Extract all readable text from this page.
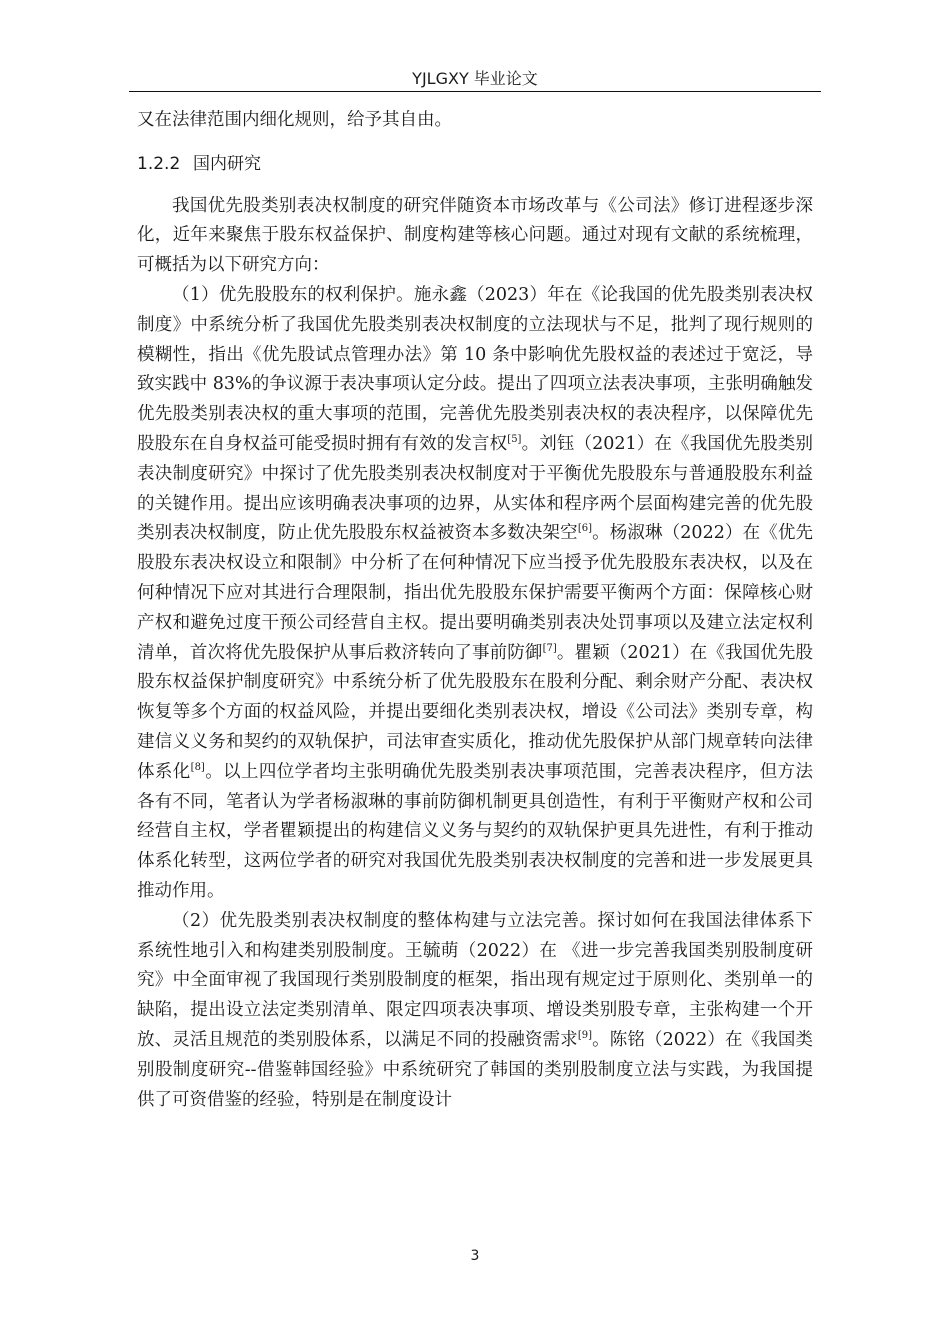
YJLGXY 毕业论文

又在法律范围内细化规则，给予其自由。

1.2.2 国内研究

我国优先股类别表决权制度的研究伴随资本市场改革与《公司法》修订进程逐步深化，近年来聚焦于股东权益保护、制度构建等核心问题。通过对现有文献的系统梳理，可概括为以下研究方向：

（1）优先股股东的权利保护。施永鑫（2023）年在《论我国的优先股类别表决权制度》中系统分析了我国优先股类别表决权制度的立法现状与不足，批判了现行规则的模糊性，指出《优先股试点管理办法》第 10 条中影响优先股权益的表述过于宽泛，导致实践中 83%的争议源于表决事项认定分歧。提出了四项立法表决事项，主张明确触发优先股类别表决权的重大事项的范围，完善优先股类别表决权的表决程序，以保障优先股股东在自身权益可能受损时拥有有效的发言权[5]。刘钰（2021）在《我国优先股类别表决制度研究》中探讨了优先股类别表决权制度对于平衡优先股股东与普通股股东利益的关键作用。提出应该明确表决事项的边界，从实体和程序两个层面构建完善的优先股类别表决权制度，防止优先股股东权益被资本多数决架空[6]。杨淑琳（2022）在《优先股股东表决权设立和限制》中分析了在何种情况下应当授予优先股股东表决权，以及在何种情况下应对其进行合理限制，指出优先股股东保护需要平衡两个方面：保障核心财产权和避免过度干预公司经营自主权。提出要明确类别表决处罚事项以及建立法定权利清单，首次将优先股保护从事后救济转向了事前防御[7]。瞿颖（2021）在《我国优先股股东权益保护制度研究》中系统分析了优先股股东在股利分配、剩余财产分配、表决权恢复等多个方面的权益风险，并提出要细化类别表决权，增设《公司法》类别专章，构建信义义务和契约的双轨保护，司法审查实质化，推动优先股保护从部门规章转向法律体系化[8]。以上四位学者均主张明确优先股类别表决事项范围，完善表决程序，但方法各有不同，笔者认为学者杨淑琳的事前防御机制更具创造性，有利于平衡财产权和公司经营自主权，学者瞿颖提出的构建信义义务与契约的双轨保护更具先进性，有利于推动体系化转型，这两位学者的研究对我国优先股类别表决权制度的完善和进一步发展更具推动作用。

（2）优先股类别表决权制度的整体构建与立法完善。探讨如何在我国法律体系下系统性地引入和构建类别股制度。王毓萌（2022）在 《进一步完善我国类别股制度研究》中全面审视了我国现行类别股制度的框架，指出现有规定过于原则化、类别单一的缺陷，提出设立法定类别清单、限定四项表决事项、增设类别股专章，主张构建一个开放、灵活且规范的类别股体系，以满足不同的投融资需求[9]。陈铭（2022）在《我国类别股制度研究--借鉴韩国经验》中系统研究了韩国的类别股制度立法与实践，为我国提供了可资借鉴的经验，特别是在制度设计

3
